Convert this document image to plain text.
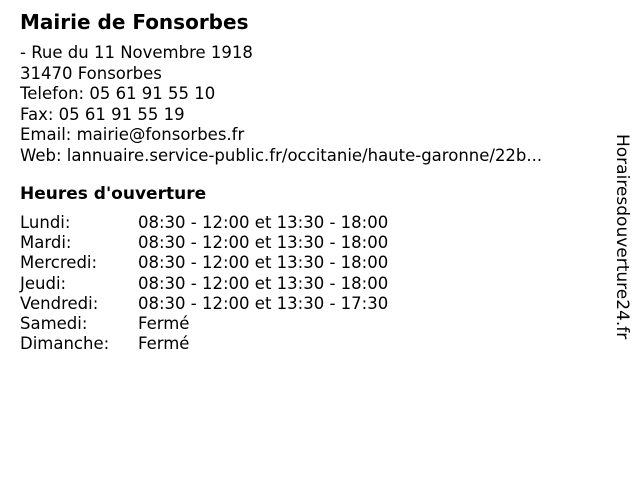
Mairie de Fonsorbes
- Rue du 11 Novembre 1918
31470 Fonsorbes
Telefon: 05 61 91 55 10
Fax: 05 61 91 55 19
Email: mairie@fonsorbes.fr
Web: lannuaire.service-public.fr/occitanie/haute-garonne/22b...
Heures d'ouverture
Lundi:	08:30 - 12:00 et 13:30 - 18:00
Mardi:	08:30 - 12:00 et 13:30 - 18:00
Mercredi:	08:30 - 12:00 et 13:30 - 18:00
Jeudi:	08:30 - 12:00 et 13:30 - 18:00
Vendredi:	08:30 - 12:00 et 13:30 - 17:30
Samedi:	Fermé
Dimanche:	Fermé
Horairesdouverture24.fr
